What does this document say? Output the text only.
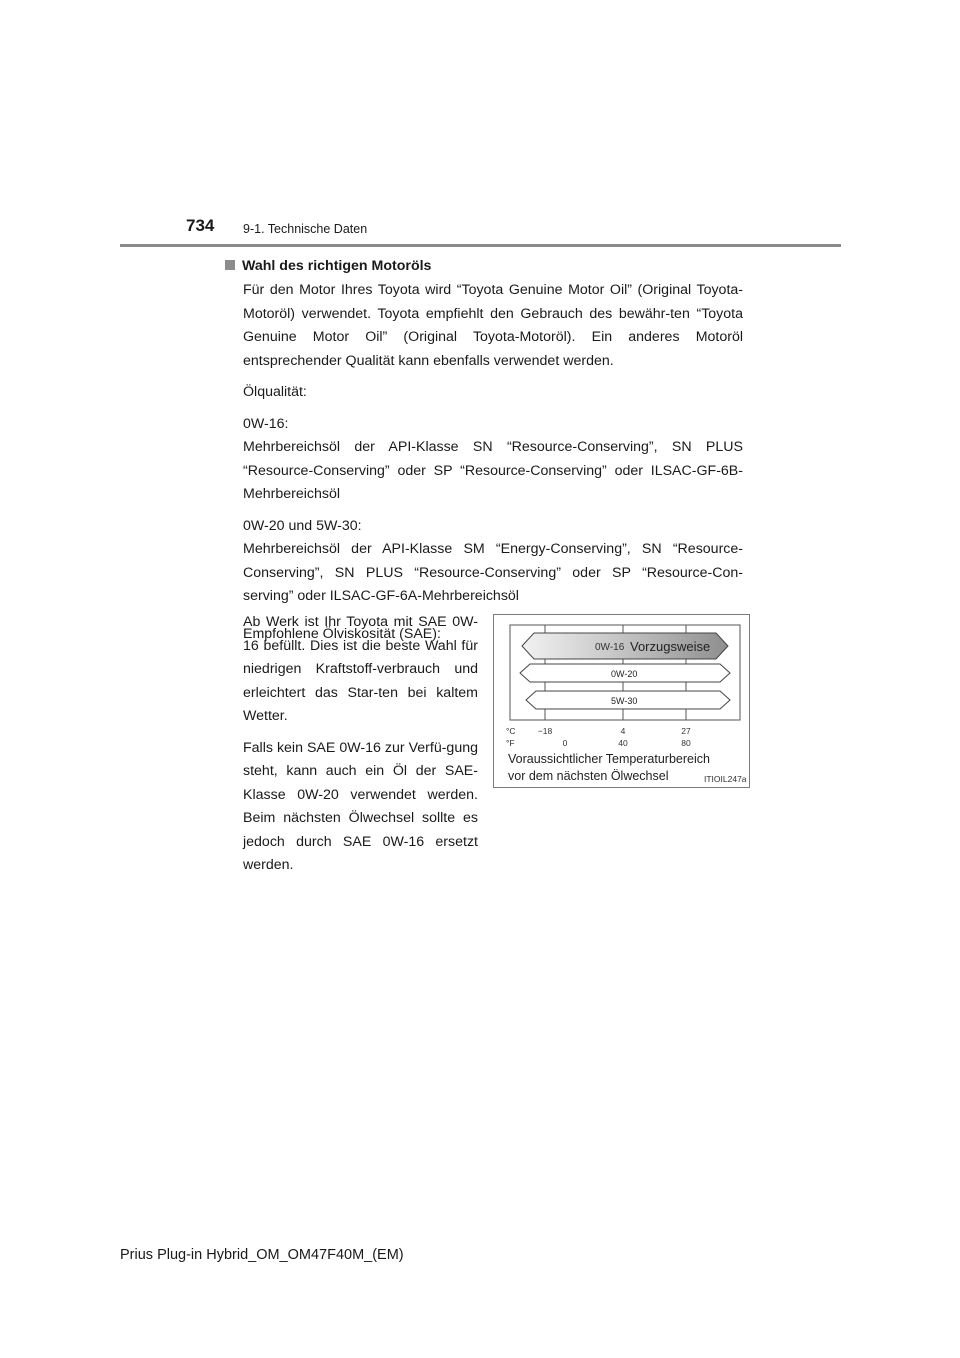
734 9-1. Technische Daten
Wahl des richtigen Motoröls

Für den Motor Ihres Toyota wird “Toyota Genuine Motor Oil” (Original Toyota-Motoröl) verwendet. Toyota empfiehlt den Gebrauch des bewähr-ten “Toyota Genuine Motor Oil” (Original Toyota-Motoröl). Ein anderes Motoröl entsprechender Qualität kann ebenfalls verwendet werden.

Ölqualität:

0W-16:

Mehrbereichsöl der API-Klasse SN “Resource-Conserving”, SN PLUS “Resource-Conserving” oder SP “Resource-Conserving” oder ILSAC-GF-6B-Mehrbereichsöl

0W-20 und 5W-30:

Mehrbereichsöl der API-Klasse SM “Energy-Conserving”, SN “Resource-Conserving”, SN PLUS “Resource-Conserving” oder SP “Resource-Con-serving” oder ILSAC-GF-6A-Mehrbereichsöl

Empfohlene Ölviskosität (SAE):

Ab Werk ist Ihr Toyota mit SAE 0W-16 befüllt. Dies ist die beste Wahl für niedrigen Kraftstoff-verbrauch und erleichtert das Star-ten bei kaltem Wetter.

Falls kein SAE 0W-16 zur Verfü-gung steht, kann auch ein Öl der SAE-Klasse 0W-20 verwendet werden. Beim nächsten Ölwechsel sollte es jedoch durch SAE 0W-16 ersetzt werden.

0W-16 Vorzugsweise
0W-20
5W-30
°C	−18	4	27
°F	0	40	80
Voraussichtlicher Temperaturbereich
vor dem nächsten Ölwechsel	ITIOIL247a
Prius Plug-in Hybrid_OM_OM47F40M_(EM)
